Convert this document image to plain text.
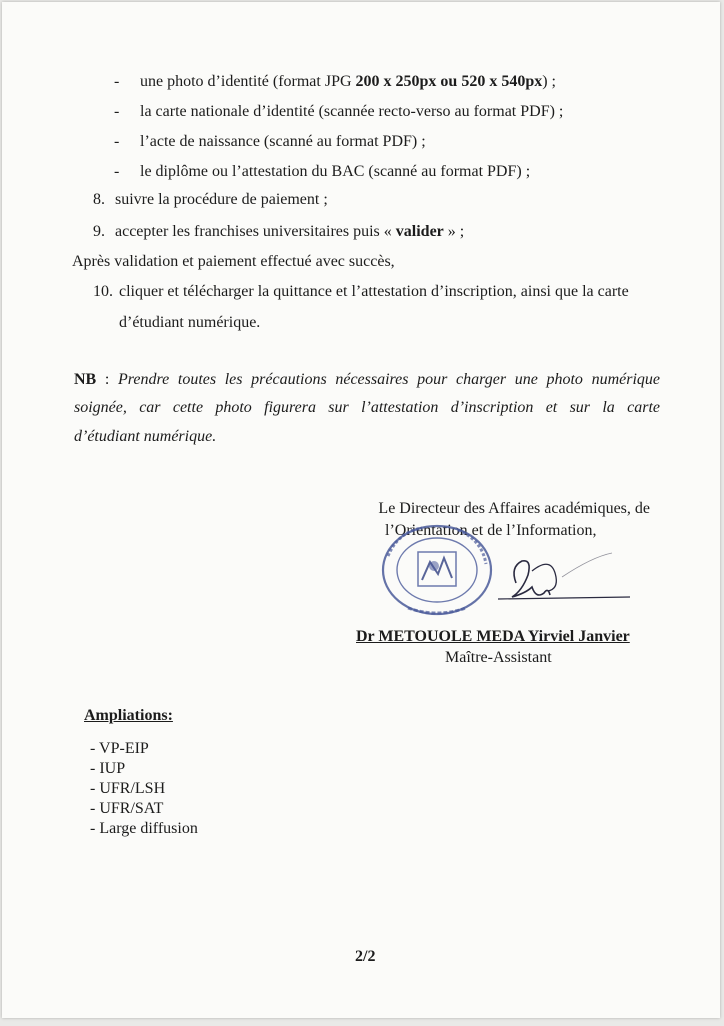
- une photo d’identité (format JPG 200 x 250px ou 520 x 540px) ;
- la carte nationale d’identité (scannée recto-verso au format PDF) ;
- l’acte de naissance (scanné au format PDF) ;
- le diplôme ou l’attestation du BAC (scanné au format PDF) ;
8. suivre la procédure de paiement ;
9. accepter les franchises universitaires puis « valider » ;
Après validation et paiement effectué avec succès,
10. cliquer et télécharger la quittance et l’attestation d’inscription, ainsi que la carte
d’étudiant numérique.
NB : Prendre toutes les précautions nécessaires pour charger une photo numérique
soignée, car cette photo figurera sur l’attestation d’inscription et sur la carte
d’étudiant numérique.
Le Directeur des Affaires académiques, de
l’Orientation et de l’Information,
Dr METOUOLE MEDA Yirviel Janvier
Maître-Assistant
Ampliations:
- VP-EIP
- IUP
- UFR/LSH
- UFR/SAT
- Large diffusion
2/2
